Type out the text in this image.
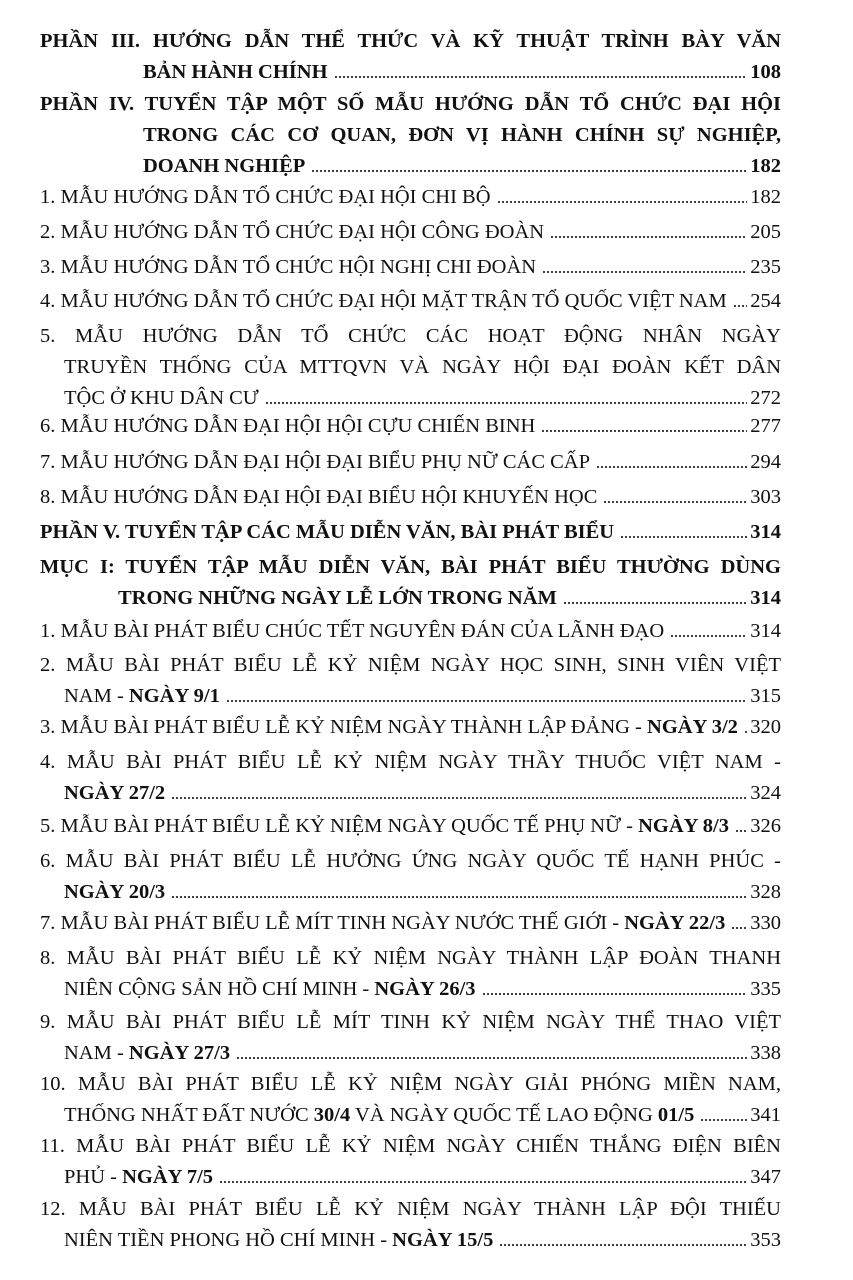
PHẦN III. HƯỚNG DẪN THỂ THỨC VÀ KỸ THUẬT TRÌNH BÀY VĂN
BẢN HÀNH CHÍNH	108
PHẦN IV. TUYỂN TẬP MỘT SỐ MẪU HƯỚNG DẪN TỔ CHỨC ĐẠI HỘI
TRONG CÁC CƠ QUAN, ĐƠN VỊ HÀNH CHÍNH SỰ NGHIỆP,
DOANH NGHIỆP	182
1. MẪU HƯỚNG DẪN TỔ CHỨC ĐẠI HỘI CHI BỘ	182
2. MẪU HƯỚNG DẪN TỔ CHỨC ĐẠI HỘI CÔNG ĐOÀN	205
3. MẪU HƯỚNG DẪN TỔ CHỨC HỘI NGHỊ CHI ĐOÀN	235
4. MẪU HƯỚNG DẪN TỔ CHỨC ĐẠI HỘI MẶT TRẬN TỔ QUỐC VIỆT NAM 254
5. MẪU HƯỚNG DẪN TỔ CHỨC CÁC HOẠT ĐỘNG NHÂN NGÀY
TRUYỀN THỐNG CỦA MTTQVN VÀ NGÀY HỘI ĐẠI ĐOÀN KẾT DÂN
TỘC Ở KHU DÂN CƯ	272
6. MẪU HƯỚNG DẪN ĐẠI HỘI HỘI CỰU CHIẾN BINH	277
7. MẪU HƯỚNG DẪN ĐẠI HỘI ĐẠI BIỂU PHỤ NỮ CÁC CẤP	294
8. MẪU HƯỚNG DẪN ĐẠI HỘI ĐẠI BIỂU HỘI KHUYẾN HỌC	303
PHẦN V. TUYỂN TẬP CÁC MẪU DIỄN VĂN, BÀI PHÁT BIỂU	314
MỤC I: TUYỂN TẬP MẪU DIỄN VĂN, BÀI PHÁT BIỂU THƯỜNG DÙNG
TRONG NHỮNG NGÀY LỄ LỚN TRONG NĂM	314
1. MẪU BÀI PHÁT BIỂU CHÚC TẾT NGUYÊN ĐÁN CỦA LÃNH ĐẠO	314
2. MẪU BÀI PHÁT BIỂU LỄ KỶ NIỆM NGÀY HỌC SINH, SINH VIÊN VIỆT
NAM - NGÀY 9/1	315
3. MẪU BÀI PHÁT BIỂU LỄ KỶ NIỆM NGÀY THÀNH LẬP ĐẢNG - NGÀY 3/2 320
4. MẪU BÀI PHÁT BIỂU LỄ KỶ NIỆM NGÀY THẦY THUỐC VIỆT NAM -
NGÀY 27/2	324
5. MẪU BÀI PHÁT BIỂU LỄ KỶ NIỆM NGÀY QUỐC TẾ PHỤ NỮ - NGÀY 8/3 326
6. MẪU BÀI PHÁT BIỂU LỄ HƯỞNG ỨNG NGÀY QUỐC TẾ HẠNH PHÚC -
NGÀY 20/3	328
7. MẪU BÀI PHÁT BIỂU LỄ MÍT TINH NGÀY NƯỚC THẾ GIỚI - NGÀY 22/3 330
8. MẪU BÀI PHÁT BIỂU LỄ KỶ NIỆM NGÀY THÀNH LẬP ĐOÀN THANH
NIÊN CỘNG SẢN HỒ CHÍ MINH - NGÀY 26/3	335
9. MẪU BÀI PHÁT BIỂU LỄ MÍT TINH KỶ NIỆM NGÀY THỂ THAO VIỆT
NAM - NGÀY 27/3	338
10. MẪU BÀI PHÁT BIỂU LỄ KỶ NIỆM NGÀY GIẢI PHÓNG MIỀN NAM,
THỐNG NHẤT ĐẤT NƯỚC 30/4 VÀ NGÀY QUỐC TẾ LAO ĐỘNG 01/5	341
11. MẪU BÀI PHÁT BIỂU LỄ KỶ NIỆM NGÀY CHIẾN THẮNG ĐIỆN BIÊN
PHỦ - NGÀY 7/5	347
12. MẪU BÀI PHÁT BIỂU LỄ KỶ NIỆM NGÀY THÀNH LẬP ĐỘI THIẾU
NIÊN TIỀN PHONG HỒ CHÍ MINH - NGÀY 15/5	353
